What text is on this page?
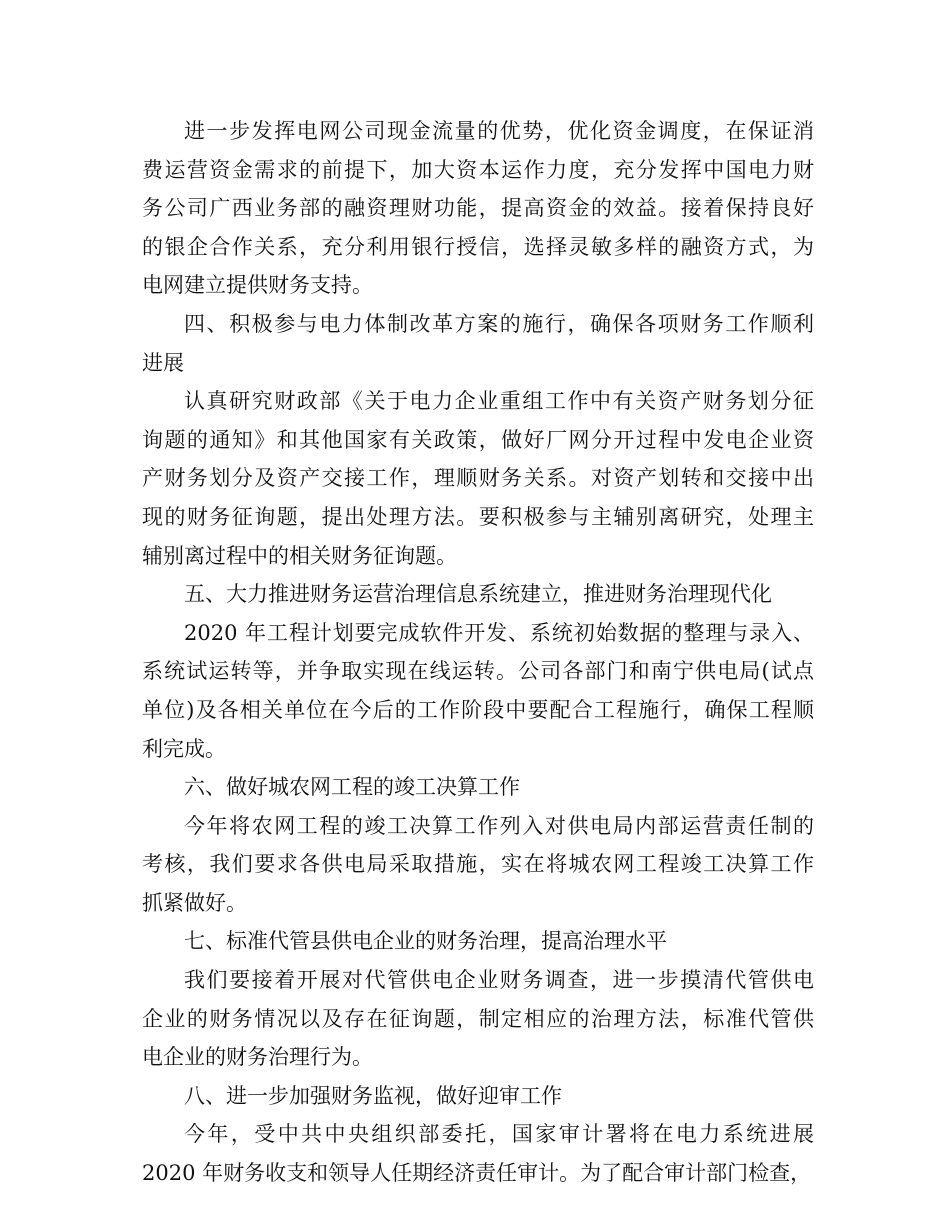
进一步发挥电网公司现金流量的优势，优化资金调度，在保证消
费运营资金需求的前提下，加大资本运作力度，充分发挥中国电力财
务公司广西业务部的融资理财功能，提高资金的效益。接着保持良好
的银企合作关系，充分利用银行授信，选择灵敏多样的融资方式，为
电网建立提供财务支持。
四、积极参与电力体制改革方案的施行，确保各项财务工作顺利
进展
认真研究财政部《关于电力企业重组工作中有关资产财务划分征
询题的通知》和其他国家有关政策，做好厂网分开过程中发电企业资
产财务划分及资产交接工作，理顺财务关系。对资产划转和交接中出
现的财务征询题，提出处理方法。要积极参与主辅别离研究，处理主
辅别离过程中的相关财务征询题。
五、大力推进财务运营治理信息系统建立，推进财务治理现代化
2020 年工程计划要完成软件开发、系统初始数据的整理与录入、
系统试运转等，并争取实现在线运转。公司各部门和南宁供电局(试点
单位)及各相关单位在今后的工作阶段中要配合工程施行，确保工程顺
利完成。
六、做好城农网工程的竣工决算工作
今年将农网工程的竣工决算工作列入对供电局内部运营责任制的
考核，我们要求各供电局采取措施，实在将城农网工程竣工决算工作
抓紧做好。
七、标准代管县供电企业的财务治理，提高治理水平
我们要接着开展对代管供电企业财务调查，进一步摸清代管供电
企业的财务情况以及存在征询题，制定相应的治理方法，标准代管供
电企业的财务治理行为。
八、进一步加强财务监视，做好迎审工作
今年，受中共中央组织部委托，国家审计署将在电力系统进展
2020 年财务收支和领导人任期经济责任审计。为了配合审计部门检查，
